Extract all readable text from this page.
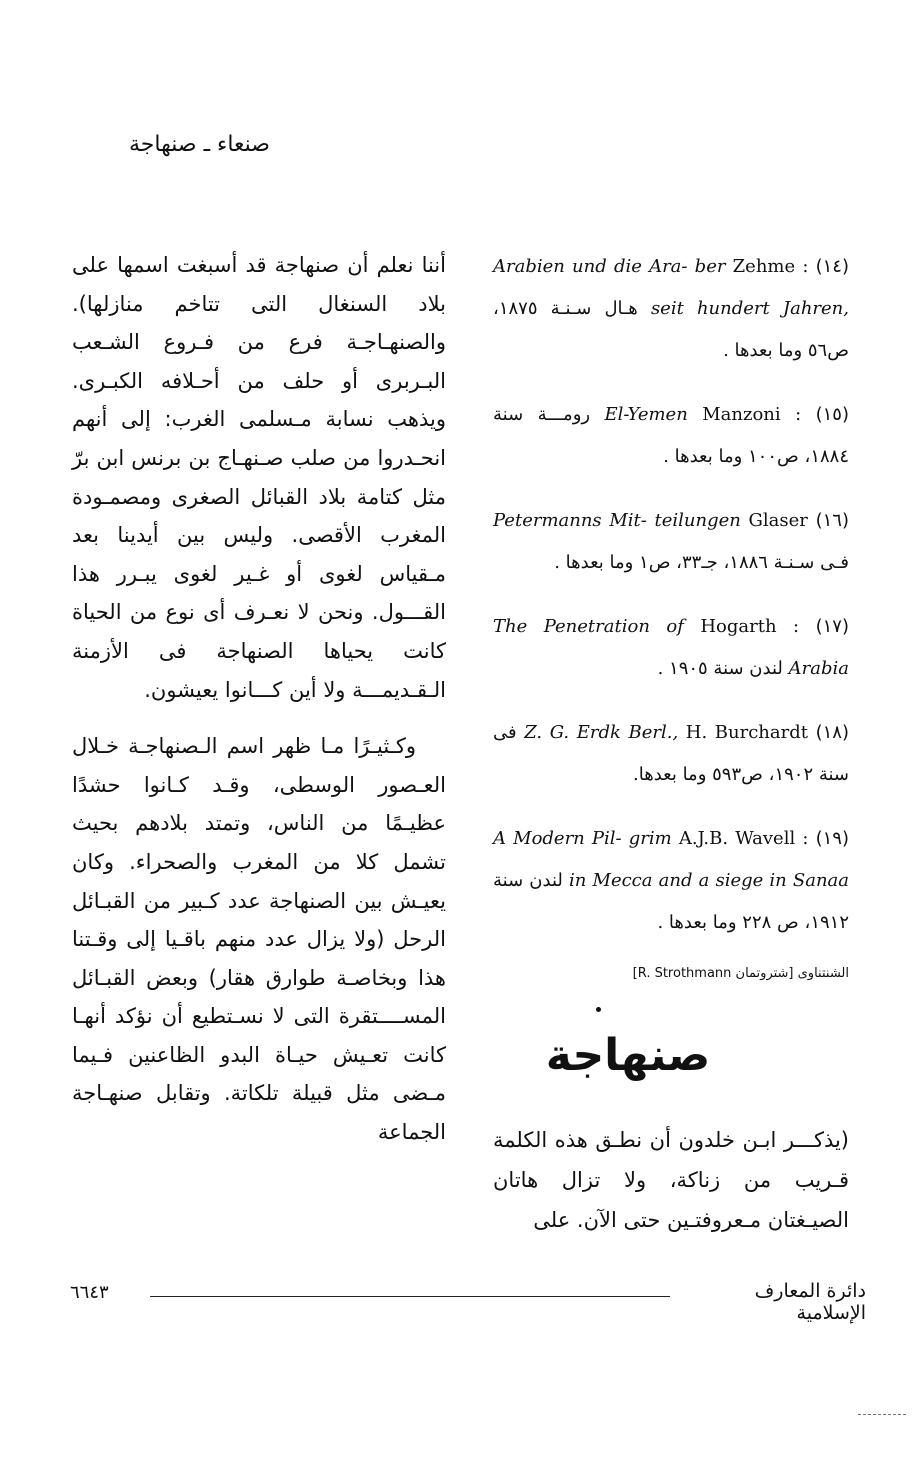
صنعاء ـ صنهاجة

أننا نعلم أن صنهاجة قد أسبغت اسمها على بلاد السنغال التى تتاخم منازلها). والصنهـاجـة فرع من فـروع الشـعب البـربرى أو حلف من أحـلافه الكبـرى. ويذهب نسابة مـسلمى الغرب: إلى أنهم انحـدروا من صلب صـنهـاج بن برنس ابن برّ مثل كتامة بلاد القبائل الصغرى ومصمـودة المغرب الأقصى. وليس بين أيدينا بعد مـقياس لغوى أو غـير لغوى يبـرر هذا القـــول. ونحن لا نعـرف أى نوع من الحياة كانت يحياها الصنهاجة فى الأزمنة الـقـديمـــة ولا أين كـــانوا يعيشون.

وكـثيـرًا مـا ظهر اسم الـصنهاجـة خـلال العـصور الوسطى، وقـد كـانوا حشدًا عظيـمًا من الناس، وتمتد بلادهم بحيث تشمل كلا من المغرب والصحراء. وكان يعيـش بين الصنهاجة عدد كـبير من القبـائل الرحل (ولا يزال عدد منهم باقـيا إلى وقـتنا هذا وبخاصـة طوارق هقار) وبعض القبـائل المســــتقرة التى لا نسـتطيع أن نؤكد أنهـا كانت تعـيش حيـاة البدو الظاعنين فـيما مـضى مثل قبيلة تلكاتة. وتقابل صنهـاجة الجماعة

(١٤) Zehme : Arabien und die Ara- ber seit hundert Jahren, هـال سـنـة ١٨٧٥، ص٥٦ وما بعدها .
(١٥) Manzoni : El-Yemen رومـــة سنة ١٨٨٤، ص١٠٠ وما بعدها .
(١٦) Glaser Petermanns Mit- teilungen فـى سـنـة ١٨٨٦، جـ٣٣، ص١ وما بعدها .
(١٧) Hogarth : The Penetration of Arabia لندن سنة ١٩٠٥ .
(١٨) H. Burchardt Z. G. Erdk Berl., فى سنة ١٩٠٢، ص٥٩٣ وما بعدها.
(١٩) A.J.B. Wavell : A Modern Pil- grim in Mecca and a siege in Sanaa لندن سنة ١٩١٢، ص ٢٢٨ وما بعدها .
الشنتناوى [شتروتمان R. Strothmann]
صنهاجة
(يذكـــر ابـن خلدون أن نطـق هذه الكلمة قـريب من زناكة، ولا تزال هاتان الصيـغتان مـعروفتـين حتى الآن. على
دائرة المعارف الإسلامية
٦٦٤٣
